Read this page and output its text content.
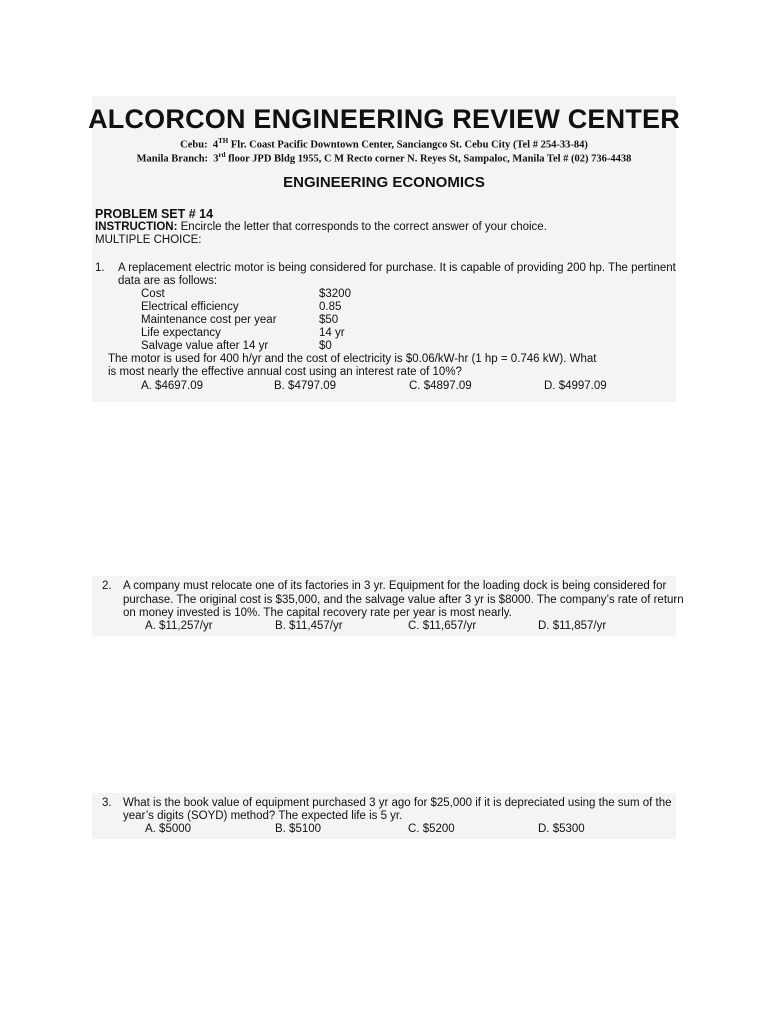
ALCORCON ENGINEERING REVIEW CENTER
Cebu: 4TH Flr. Coast Pacific Downtown Center, Sanciangco St. Cebu City (Tel # 254-33-84)
Manila Branch: 3rd floor JPD Bldg 1955, C M Recto corner N. Reyes St, Sampaloc, Manila Tel # (02) 736-4438
ENGINEERING ECONOMICS
PROBLEM SET # 14
INSTRUCTION: Encircle the letter that corresponds to the correct answer of your choice.
MULTIPLE CHOICE:
1. A replacement electric motor is being considered for purchase. It is capable of providing 200 hp. The pertinent
data are as follows:
Cost	$3200
Electrical efficiency	0.85
Maintenance cost per year	$50
Life expectancy	14 yr
Salvage value after 14 yr	$0
The motor is used for 400 h/yr and the cost of electricity is $0.06/kW-hr (1 hp = 0.746 kW). What
is most nearly the effective annual cost using an interest rate of 10%?
A. $4697.09	B. $4797.09	C. $4897.09	D. $4997.09
2. A company must relocate one of its factories in 3 yr. Equipment for the loading dock is being considered for
purchase. The original cost is $35,000, and the salvage value after 3 yr is $8000. The company’s rate of return
on money invested is 10%. The capital recovery rate per year is most nearly.
A. $11,257/yr	B. $11,457/yr	C. $11,657/yr	D. $11,857/yr
3. What is the book value of equipment purchased 3 yr ago for $25,000 if it is depreciated using the sum of the
year’s digits (SOYD) method? The expected life is 5 yr.
A. $5000	B. $5100	C. $5200	D. $5300
